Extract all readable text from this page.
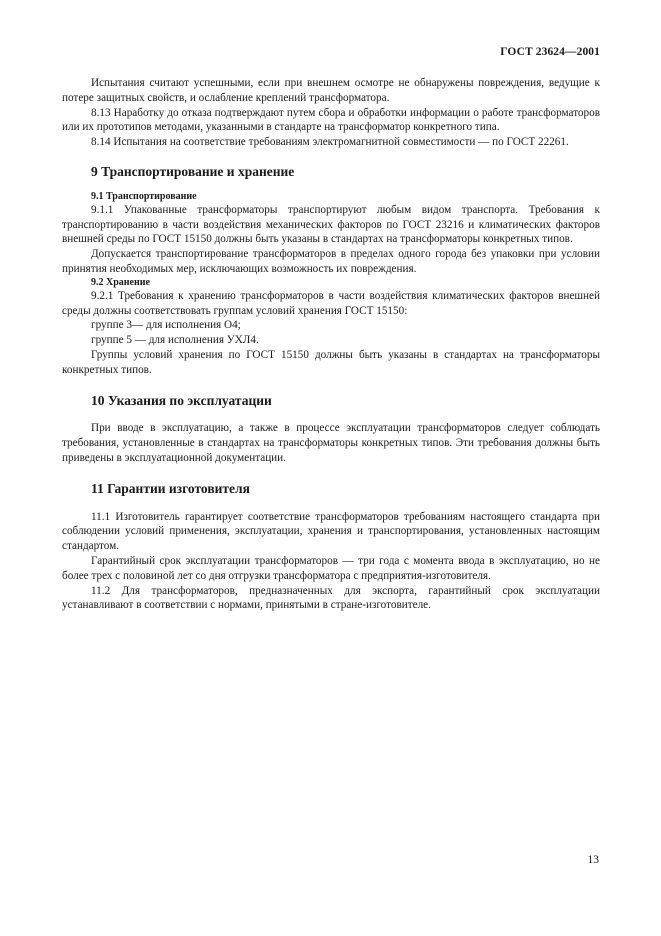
ГОСТ 23624—2001

Испытания считают успешными, если при внешнем осмотре не обнаружены повреждения, ведущие к потере защитных свойств, и ослабление креплений трансформатора.

8.13 Наработку до отказа подтверждают путем сбора и обработки информации о работе трансформаторов или их прототипов методами, указанными в стандарте на трансформатор конкретного типа.

8.14 Испытания на соответствие требованиям электромагнитной совместимости — по ГОСТ 22261.

9 Транспортирование и хранение
9.1 Транспортирование

9.1.1 Упакованные трансформаторы транспортируют любым видом транспорта. Требования к транспортированию в части воздействия механических факторов по ГОСТ 23216 и климатических факторов внешней среды по ГОСТ 15150 должны быть указаны в стандартах на трансформаторы конкретных типов.

Допускается транспортирование трансформаторов в пределах одного города без упаковки при условии принятия необходимых мер, исключающих возможность их повреждения.

9.2 Хранение

9.2.1 Требования к хранению трансформаторов в части воздействия климатических факторов внешней среды должны соответствовать группам условий хранения ГОСТ 15150:

группе 3— для исполнения О4;

группе 5 — для исполнения УХЛ4.

Группы условий хранения по ГОСТ 15150 должны быть указаны в стандартах на трансформаторы конкретных типов.

10 Указания по эксплуатации

При вводе в эксплуатацию, а также в процессе эксплуатации трансформаторов следует соблюдать требования, установленные в стандартах на трансформаторы конкретных типов. Эти требования должны быть приведены в эксплуатационной документации.

11 Гарантии изготовителя

11.1 Изготовитель гарантирует соответствие трансформаторов требованиям настоящего стандарта при соблюдении условий применения, эксплуатации, хранения и транспортирования, установленных настоящим стандартом.

Гарантийный срок эксплуатации трансформаторов — три года с момента ввода в эксплуатацию, но не более трех с половиной лет со дня отгрузки трансформатора с предприятия-изготовителя.

11.2 Для трансформаторов, предназначенных для экспорта, гарантийный срок эксплуатации устанавливают в соответствии с нормами, принятыми в стране-изготовителе.

13
